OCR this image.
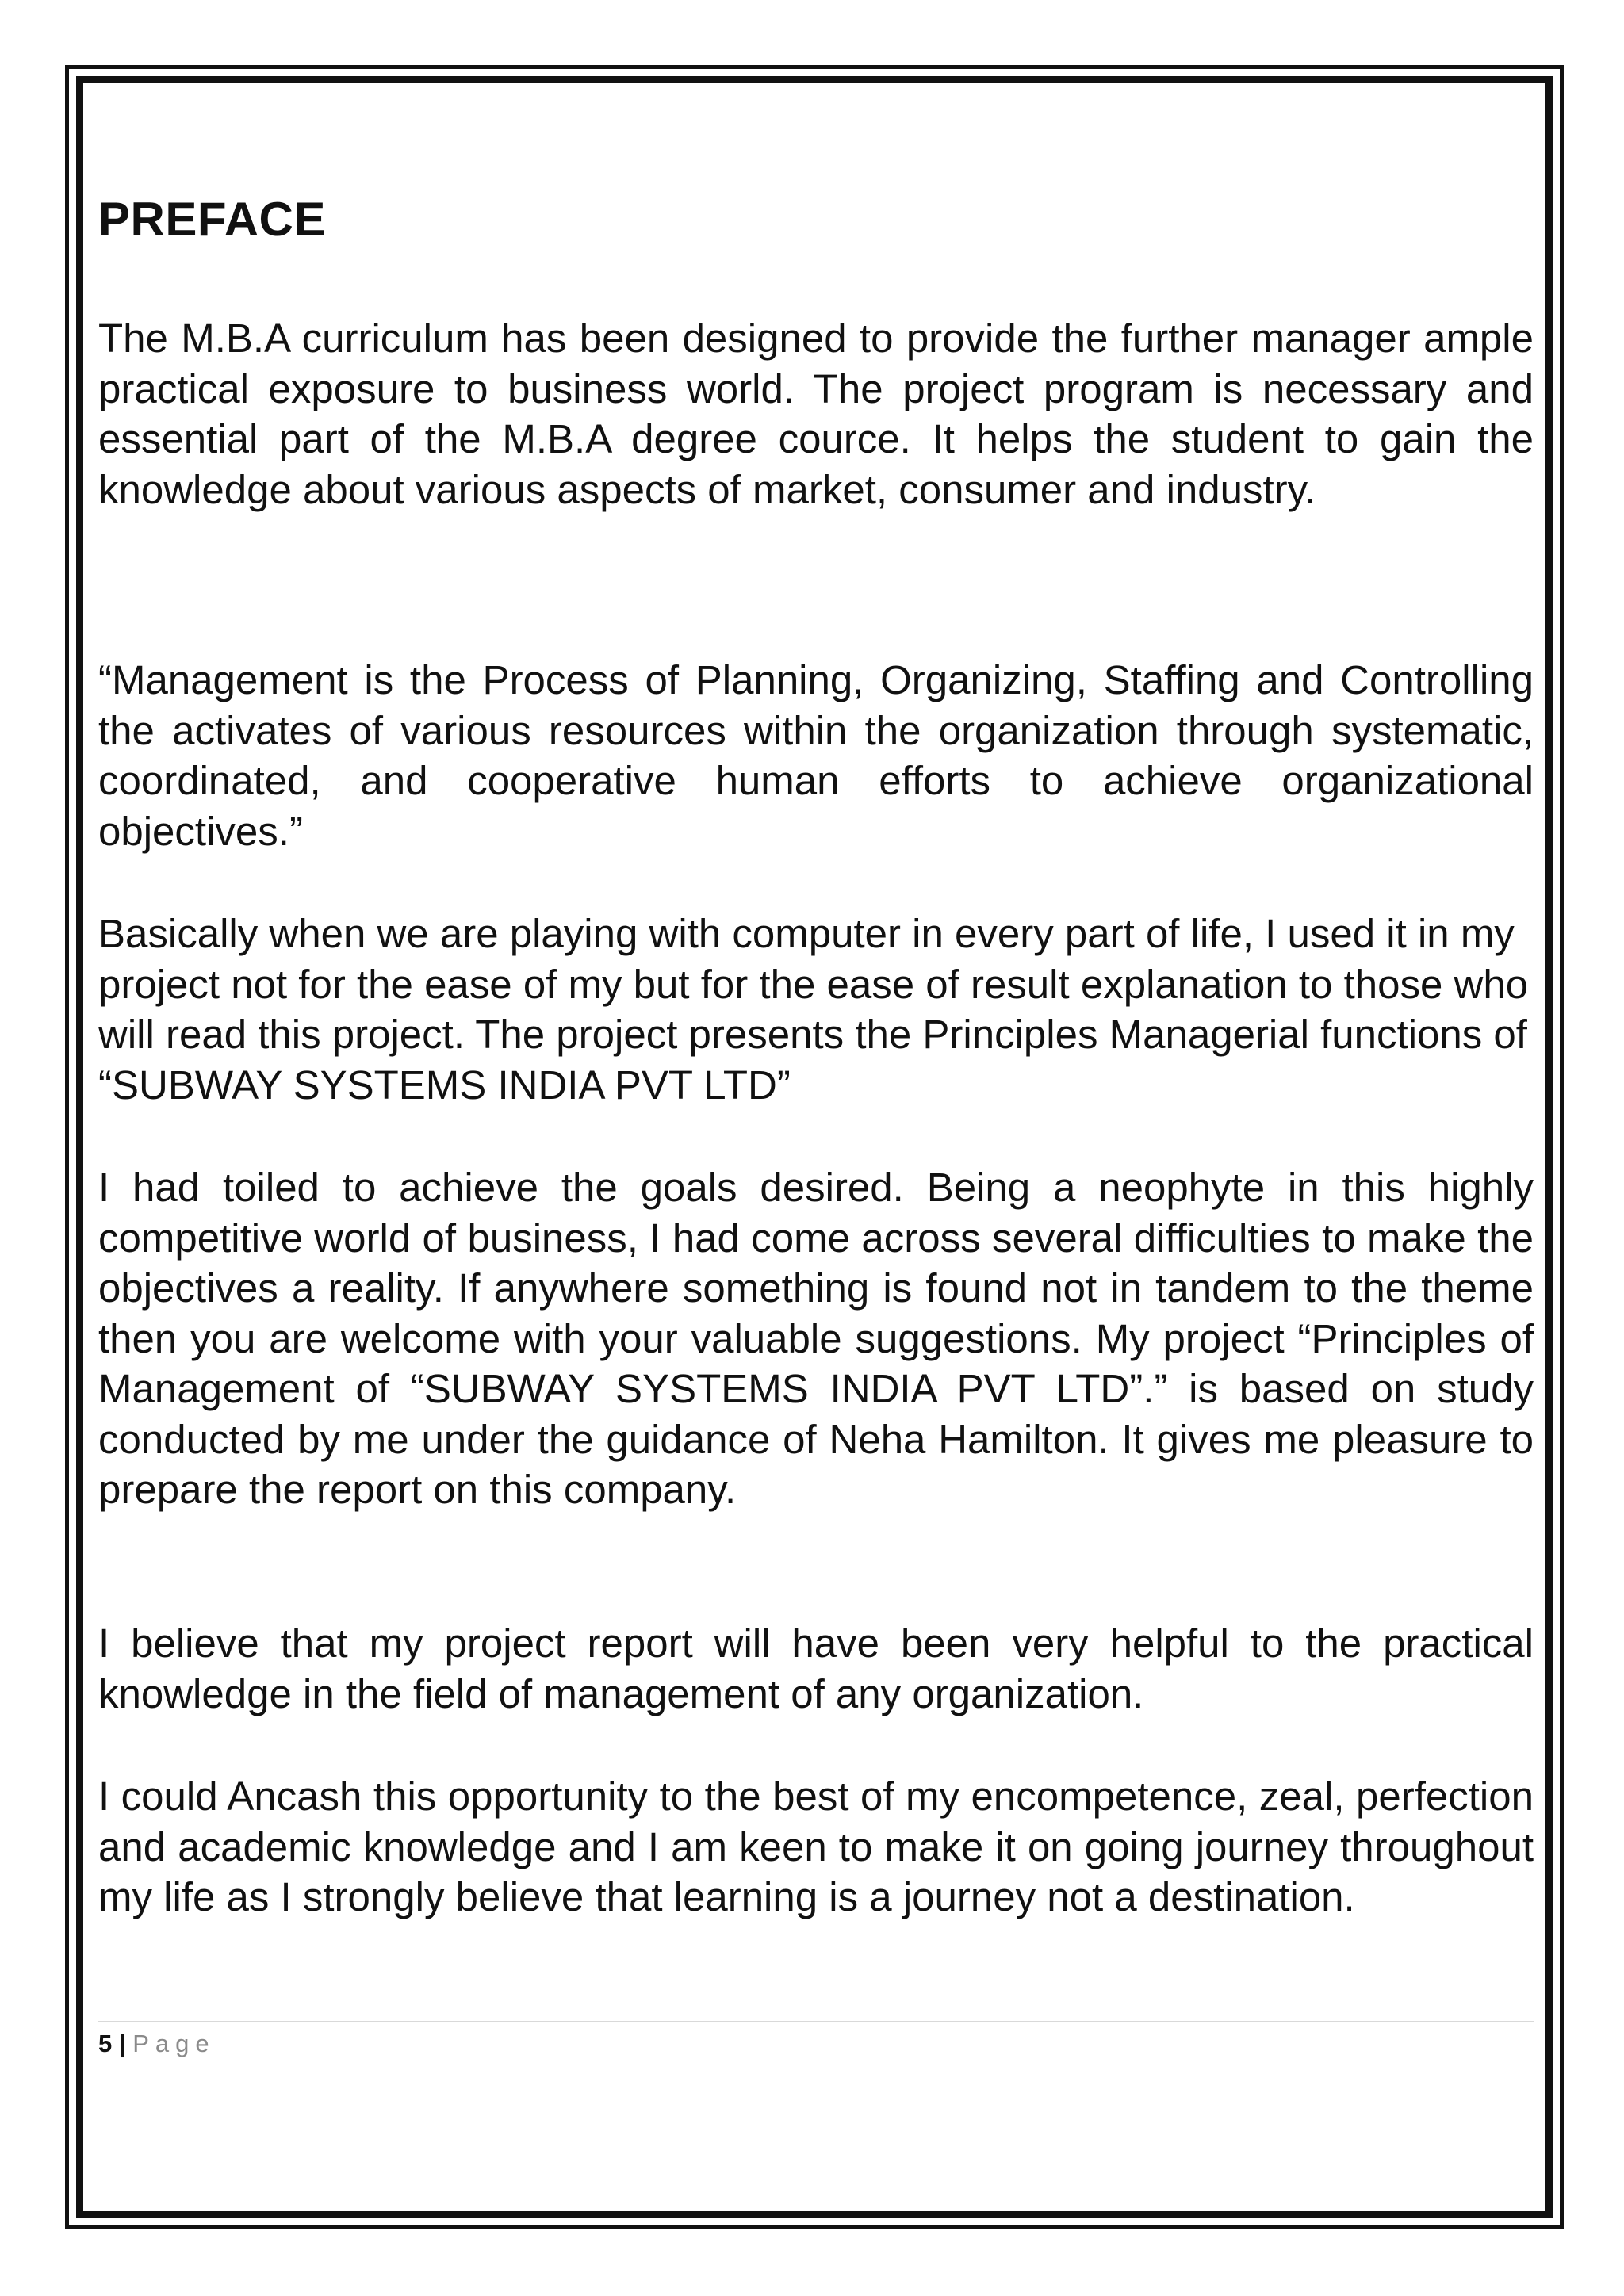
PREFACE

The M.B.A curriculum has been designed to provide the further manager ample practical exposure to business world. The project program is necessary and essential part of the M.B.A degree cource. It helps the student to gain the knowledge about various aspects of market, consumer and industry.

“Management is the Process of Planning, Organizing, Staffing and Controlling the activates of various resources within the organization through systematic, coordinated, and cooperative human efforts to achieve organizational objectives.”

Basically when we are playing with computer in every part of life, I used it in my project not for the ease of my but for the ease of result explanation to those who will read this project. The project presents the Principles Managerial functions of “SUBWAY SYSTEMS INDIA PVT LTD”

I had toiled to achieve the goals desired. Being a neophyte in this highly competitive world of business, I had come across several difficulties to make the objectives a reality. If anywhere something is found not in tandem to the theme then you are welcome with your valuable suggestions. My project “Principles of Management of “SUBWAY SYSTEMS INDIA PVT LTD”.” is based on study conducted by me under the guidance of Neha Hamilton. It gives me pleasure to prepare the report on this company.

I believe that my project report will have been very helpful to the practical knowledge in the field of management of any organization.

I could Ancash this opportunity to the best of my encompetence, zeal, perfection and academic knowledge and I am keen to make it on going journey throughout my life as I strongly believe that learning is a journey not a destination.

5 | Page
